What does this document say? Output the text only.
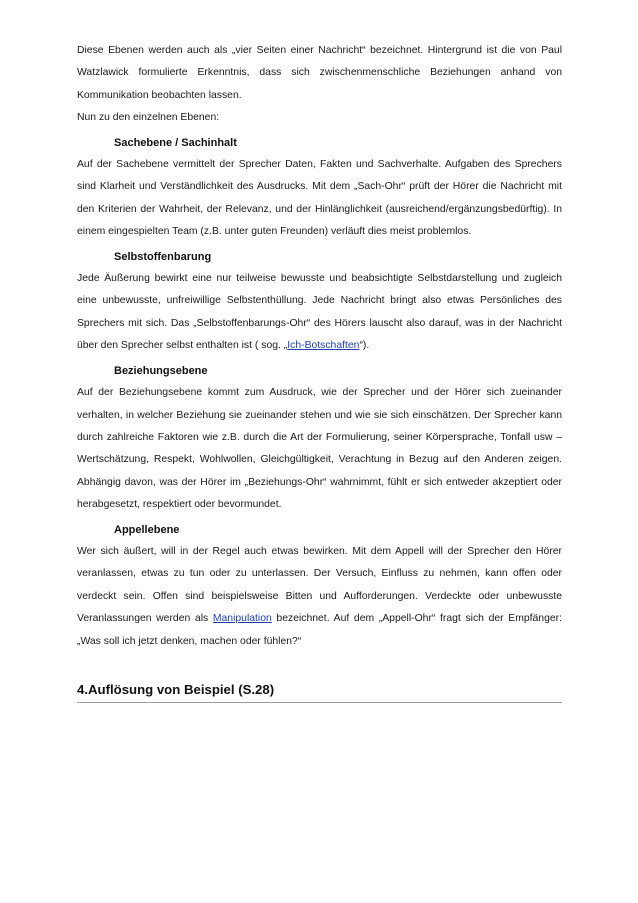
Diese Ebenen werden auch als „vier Seiten einer Nachricht“ bezeichnet. Hintergrund ist die von Paul Watzlawick formulierte Erkenntnis, dass sich zwischenmenschliche Beziehungen anhand von Kommunikation beobachten lassen.

Nun zu den einzelnen Ebenen:

Sachebene / Sachinhalt

Auf der Sachebene vermittelt der Sprecher Daten, Fakten und Sachverhalte. Aufgaben des Sprechers sind Klarheit und Verständlichkeit des Ausdrucks. Mit dem „Sach-Ohr“ prüft der Hörer die Nachricht mit den Kriterien der Wahrheit, der Relevanz, und der Hinlänglichkeit (ausreichend/ergänzungsbedürftig). In einem eingespielten Team (z.B. unter guten Freunden) verläuft dies meist problemlos.

Selbstoffenbarung

Jede Äußerung bewirkt eine nur teilweise bewusste und beabsichtigte Selbstdarstellung und zugleich eine unbewusste, unfreiwillige Selbstenthüllung. Jede Nachricht bringt also etwas Persönliches des Sprechers mit sich. Das „Selbstoffenbarungs-Ohr“ des Hörers lauscht also darauf, was in der Nachricht über den Sprecher selbst enthalten ist ( sog. „Ich-Botschaften“).

Beziehungsebene

Auf der Beziehungsebene kommt zum Ausdruck, wie der Sprecher und der Hörer sich zueinander verhalten, in welcher Beziehung sie zueinander stehen und wie sie sich einschätzen. Der Sprecher kann durch zahlreiche Faktoren wie z.B. durch die Art der Formulierung, seiner Körpersprache, Tonfall usw – Wertschätzung, Respekt, Wohlwollen, Gleichgültigkeit, Verachtung in Bezug auf den Anderen zeigen. Abhängig davon, was der Hörer im „Beziehungs-Ohr“ wahrnimmt, fühlt er sich entweder akzeptiert oder herabgesetzt, respektiert oder bevormundet.

Appellebene

Wer sich äußert, will in der Regel auch etwas bewirken. Mit dem Appell will der Sprecher den Hörer veranlassen, etwas zu tun oder zu unterlassen. Der Versuch, Einfluss zu nehmen, kann offen oder verdeckt sein. Offen sind beispielsweise Bitten und Aufforderungen. Verdeckte oder unbewusste Veranlassungen werden als Manipulation bezeichnet. Auf dem „Appell-Ohr“ fragt sich der Empfänger: „Was soll ich jetzt denken, machen oder fühlen?“

4.Auflösung von Beispiel (S.28)
